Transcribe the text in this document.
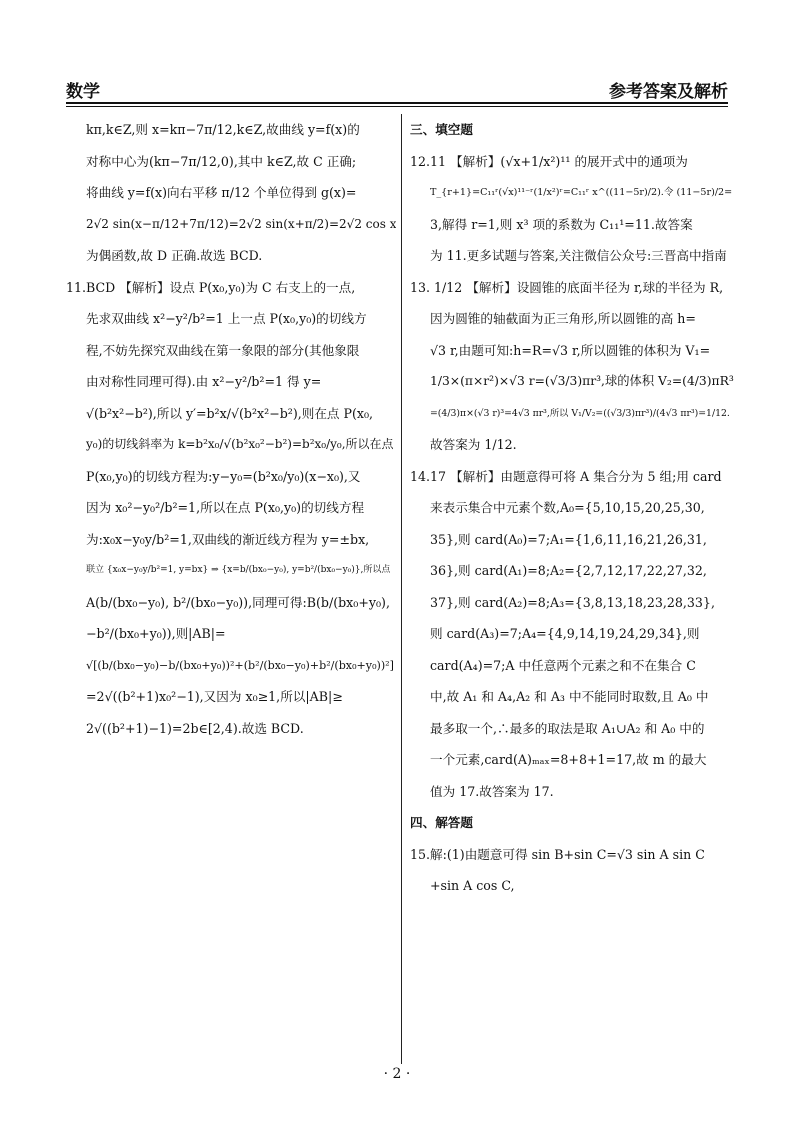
数学	参考答案及解析
kπ,k∈Z,则 x=kπ−7π/12,k∈Z,故曲线 y=f(x)的
对称中心为(kπ−7π/12,0),其中 k∈Z,故 C 正确;
将曲线 y=f(x)向右平移 π/12 个单位得到 g(x)=
2√2 sin(x−π/12+7π/12)=2√2 sin(x+π/2)=2√2 cos x
为偶函数,故 D 正确.故选 BCD.
11.BCD 【解析】设点 P(x₀,y₀)为 C 右支上的一点,
先求双曲线 x²−y²/b²=1 上一点 P(x₀,y₀)的切线方
程,不妨先探究双曲线在第一象限的部分(其他象限
由对称性同理可得).由 x²−y²/b²=1 得 y=
√(b²x²−b²),所以 y′=b²x/√(b²x²−b²),则在点 P(x₀,
y₀)的切线斜率为 k=b²x₀/√(b²x₀²−b²)=b²x₀/y₀,所以在点
P(x₀,y₀)的切线方程为:y−y₀=(b²x₀/y₀)(x−x₀),又
因为 x₀²−y₀²/b²=1,所以在点 P(x₀,y₀)的切线方程
为:x₀x−y₀y/b²=1,双曲线的渐近线方程为 y=±bx,
联立 {x₀x−y₀y/b²=1, y=bx} ⇒ {x=b/(bx₀−y₀), y=b²/(bx₀−y₀)},所以点
A(b/(bx₀−y₀), b²/(bx₀−y₀)),同理可得:B(b/(bx₀+y₀),
−b²/(bx₀+y₀)),则|AB|=
√[(b/(bx₀−y₀)−b/(bx₀+y₀))²+(b²/(bx₀−y₀)+b²/(bx₀+y₀))²]
=2√((b²+1)x₀²−1),又因为 x₀≥1,所以|AB|≥
2√((b²+1)−1)=2b∈[2,4).故选 BCD.
三、填空题
12.11 【解析】(√x+1/x²)¹¹ 的展开式中的通项为
T_{r+1}=C₁₁ʳ(√x)¹¹⁻ʳ(1/x²)ʳ=C₁₁ʳ x^((11−5r)/2).令 (11−5r)/2=
3,解得 r=1,则 x³ 项的系数为 C₁₁¹=11.故答案
为 11.更多试题与答案,关注微信公众号:三晋高中指南
13. 1/12 【解析】设圆锥的底面半径为 r,球的半径为 R,
因为圆锥的轴截面为正三角形,所以圆锥的高 h=
√3 r,由题可知:h=R=√3 r,所以圆锥的体积为 V₁=
1/3×(π×r²)×√3 r=(√3/3)πr³,球的体积 V₂=(4/3)πR³
=(4/3)π×(√3 r)³=4√3 πr³,所以 V₁/V₂=((√3/3)πr³)/(4√3 πr³)=1/12.
故答案为 1/12.
14.17 【解析】由题意得可将 A 集合分为 5 组;用 card
来表示集合中元素个数,A₀={5,10,15,20,25,30,
35},则 card(A₀)=7;A₁={1,6,11,16,21,26,31,
36},则 card(A₁)=8;A₂={2,7,12,17,22,27,32,
37},则 card(A₂)=8;A₃={3,8,13,18,23,28,33},
则 card(A₃)=7;A₄={4,9,14,19,24,29,34},则
card(A₄)=7;A 中任意两个元素之和不在集合 C
中,故 A₁ 和 A₄,A₂ 和 A₃ 中不能同时取数,且 A₀ 中
最多取一个,∴最多的取法是取 A₁∪A₂ 和 A₀ 中的
一个元素,card(A)ₘₐₓ=8+8+1=17,故 m 的最大
值为 17.故答案为 17.
四、解答题
15.解:(1)由题意可得 sin B+sin C=√3 sin A sin C
+sin A cos C,
· 2 ·
